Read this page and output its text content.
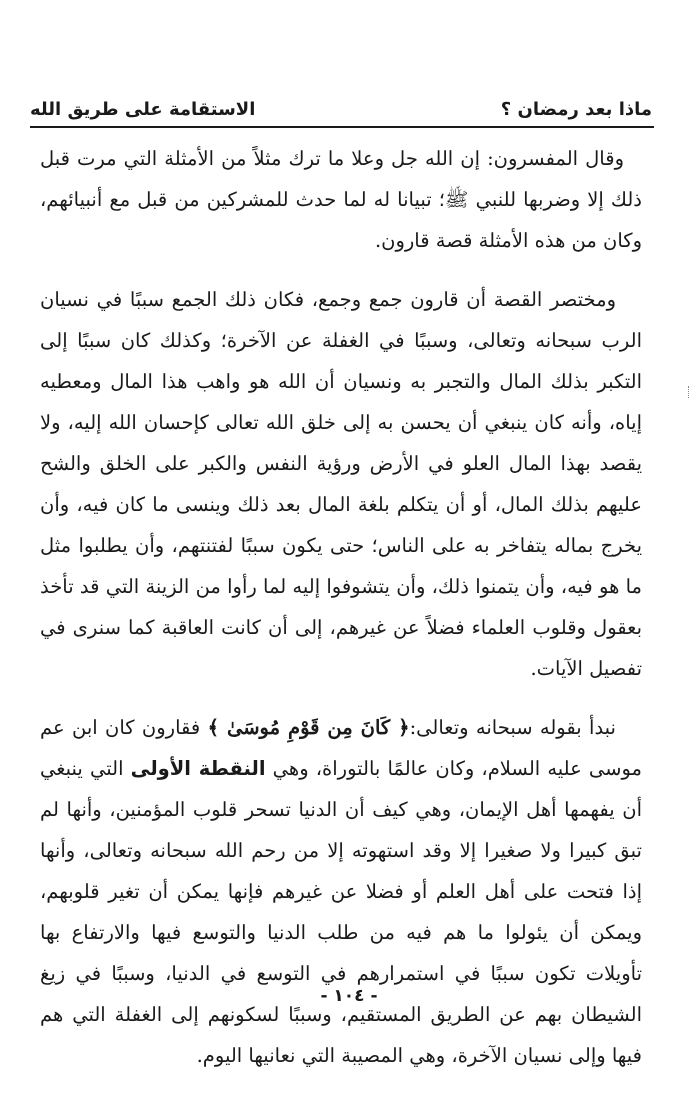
ماذا بعد رمضان ؟
الاستقامة على طريق الله

وقال المفسرون: إن الله جل وعلا ما ترك مثلاً من الأمثلة التي مرت قبل ذلك إلا وضربها للنبي ﷺ؛ تبيانا له لما حدث للمشركين من قبل مع أنبيائهم، وكان من هذه الأمثلة قصة قارون.

ومختصر القصة أن قارون جمع وجمع، فكان ذلك الجمع سببًا في نسيان الرب سبحانه وتعالى، وسببًا في الغفلة عن الآخرة؛ وكذلك كان سببًا إلى التكبر بذلك المال والتجبر به ونسيان أن الله هو واهب هذا المال ومعطيه إياه، وأنه كان ينبغي أن يحسن به إلى خلق الله تعالى كإحسان الله إليه، ولا يقصد بهذا المال العلو في الأرض ورؤية النفس والكبر على الخلق والشح عليهم بذلك المال، أو أن يتكلم بلغة المال بعد ذلك وينسى ما كان فيه، وأن يخرج بماله يتفاخر به على الناس؛ حتى يكون سببًا لفتنتهم، وأن يطلبوا مثل ما هو فيه، وأن يتمنوا ذلك، وأن يتشوفوا إليه لما رأوا من الزينة التي قد تأخذ بعقول وقلوب العلماء فضلاً عن غيرهم، إلى أن كانت العاقبة كما سنرى في تفصيل الآيات.

نبدأ بقوله سبحانه وتعالى:﴿ كَانَ مِن قَوْمِ مُوسَىٰ ﴾ فقارون كان ابن عم موسى عليه السلام، وكان عالمًا بالتوراة، وهي النقطة الأولى التي ينبغي أن يفهمها أهل الإيمان، وهي كيف أن الدنيا تسحر قلوب المؤمنين، وأنها لم تبق كبيرا ولا صغيرا إلا وقد استهوته إلا من رحم الله سبحانه وتعالى، وأنها إذا فتحت على أهل العلم أو فضلا عن غيرهم فإنها يمكن أن تغير قلوبهم، ويمكن أن يئولوا ما هم فيه من طلب الدنيا والتوسع فيها والارتفاع بها تأويلات تكون سببًا في استمرارهم في التوسع في الدنيا، وسببًا في زيغ الشيطان بهم عن الطريق المستقيم، وسببًا لسكونهم إلى الغفلة التي هم فيها وإلى نسيان الآخرة، وهي المصيبة التي نعانيها اليوم.

- ١٠٤ -
